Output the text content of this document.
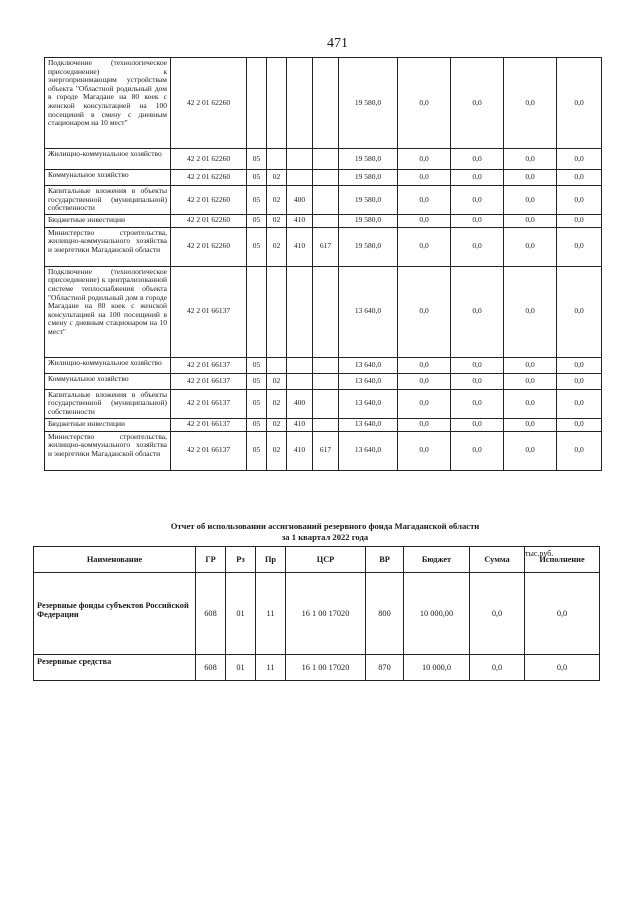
471
Подключение (технологическое присоединение) к энергопринимающим устройствам объекта "Областной родильный дом в городе Магадане на 80 коек с женской консультацией на 100 посещений в смену с дневным стационаром на 10 мест"	42 2 01 62260					19 580,0	0,0	0,0	0,0	0,0
Жилищно-коммунальное хозяйство	42 2 01 62260	05				19 580,0	0,0	0,0	0,0	0,0
Коммунальное хозяйство	42 2 01 62260	05	02			19 580,0	0,0	0,0	0,0	0,0
Капитальные вложения в объекты государственной (муниципальной) собственности	42 2 01 62260	05	02	400		19 580,0	0,0	0,0	0,0	0,0
Бюджетные инвестиции	42 2 01 62260	05	02	410		19 580,0	0,0	0,0	0,0	0,0
Министерство строительства, жилищно-коммунального хозяйства и энергетики Магаданской области	42 2 01 62260	05	02	410	617	19 580,0	0,0	0,0	0,0	0,0
Подключение (технологическое присоединение) к централизованной системе теплоснабжения объекта "Областной родильный дом в городе Магадане на 80 коек с женской консультацией на 100 посещений в смену с дневным стационаром на 10 мест"	42 2 01 66137					13 640,0	0,0	0,0	0,0	0,0
Жилищно-коммунальное хозяйство	42 2 01 66137	05				13 640,0	0,0	0,0	0,0	0,0
Коммунальное хозяйство	42 2 01 66137	05	02			13 640,0	0,0	0,0	0,0	0,0
Капитальные вложения в объекты государственной (муниципальной) собственности	42 2 01 66137	05	02	400		13 640,0	0,0	0,0	0,0	0,0
Бюджетные инвестиции	42 2 01 66137	05	02	410		13 640,0	0,0	0,0	0,0	0,0
Министерство строительства, жилищно-коммунального хозяйства и энергетики Магаданской области	42 2 01 66137	05	02	410	617	13 640,0	0,0	0,0	0,0	0,0
Отчет об использовании ассигнований резервного фонда Магаданской области
за 1 квартал 2022 года
тыс.руб.
Наименование	ГР	Рз	Пр	ЦСР	ВР	Бюджет	Сумма	Исполнение
Резервные фонды субъектов Российской Федерации	608	01	11	16 1 00 17020	800	10 000,00	0,0	0,0
Резервные средства	608	01	11	16 1 00 17020	870	10 000,0	0,0	0,0
